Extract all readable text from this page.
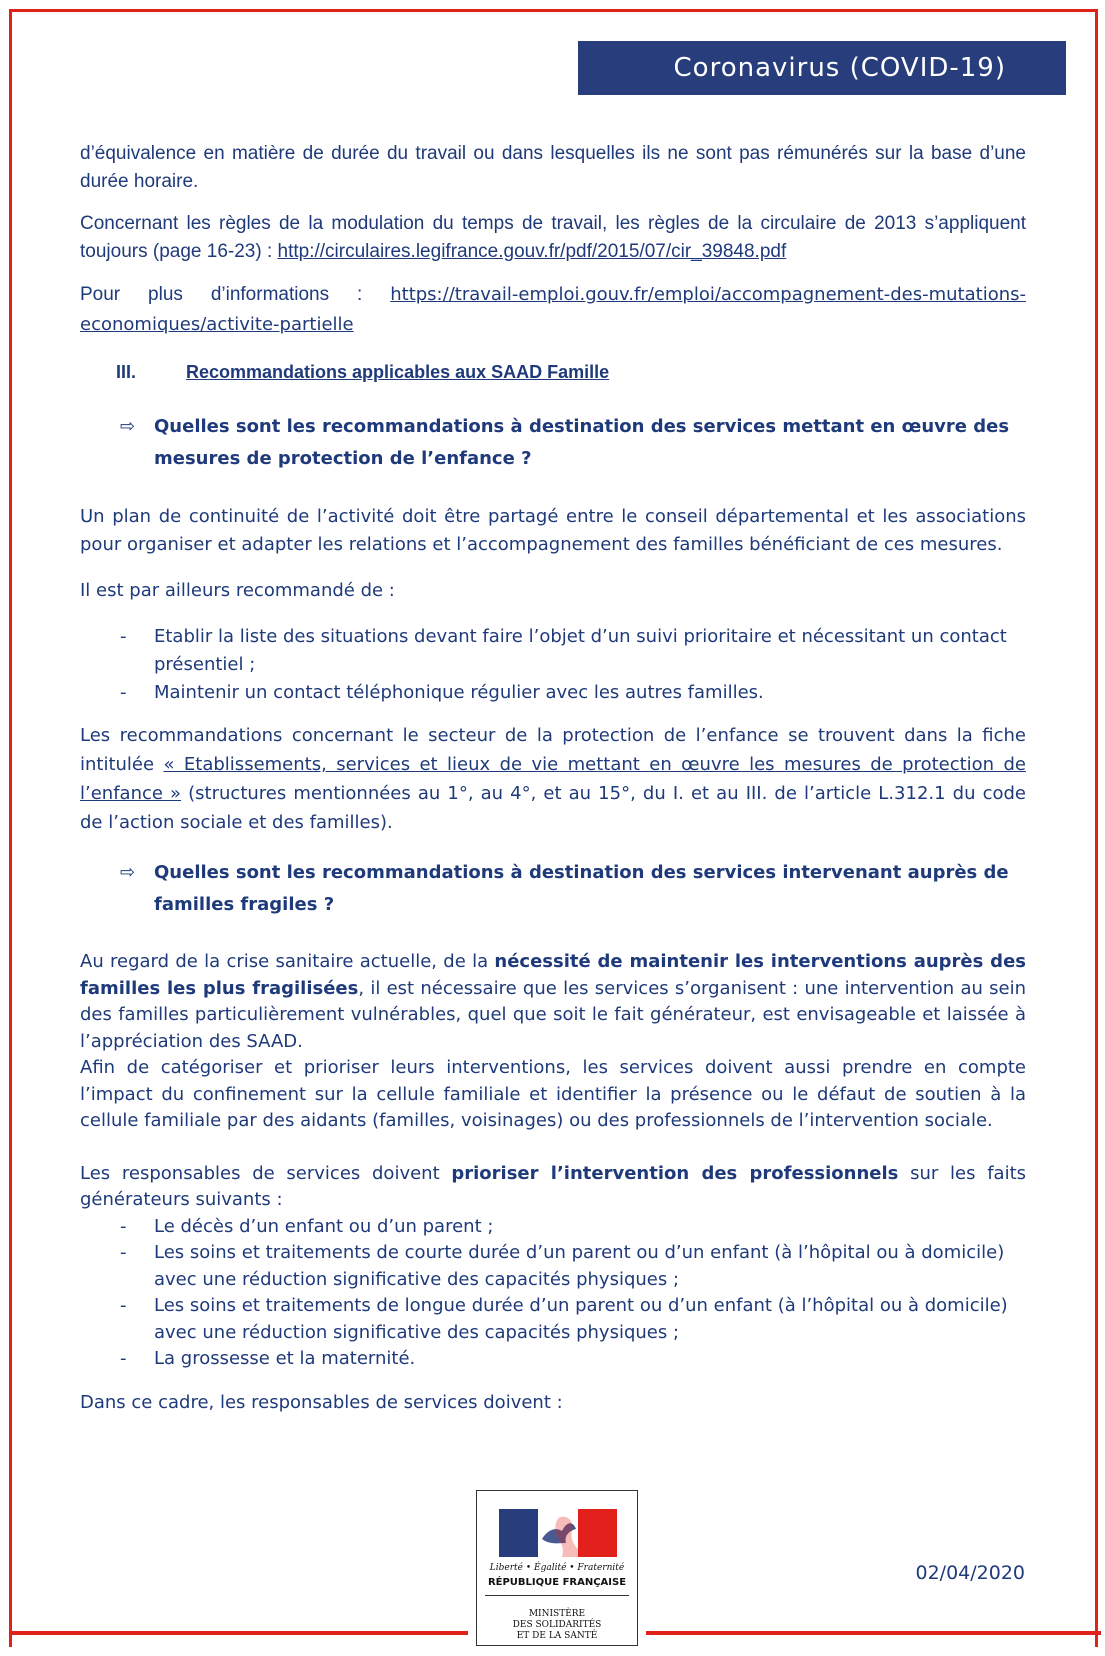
Coronavirus (COVID-19)

d’équivalence en matière de durée du travail ou dans lesquelles ils ne sont pas rémunérés sur la base d’une durée horaire.

Concernant les règles de la modulation du temps de travail, les règles de la circulaire de 2013 s’appliquent toujours (page 16-23) : http://circulaires.legifrance.gouv.fr/pdf/2015/07/cir_39848.pdf

Pour plus d’informations : https://travail-emploi.gouv.fr/emploi/accompagnement-des-mutations-economiques/activite-partielle

III.	Recommandations applicables aux SAAD Famille
⇨	Quelles sont les recommandations à destination des services mettant en œuvre des mesures de protection de l’enfance ?

Un plan de continuité de l’activité doit être partagé entre le conseil départemental et les associations pour organiser et adapter les relations et l’accompagnement des familles bénéficiant de ces mesures.

Il est par ailleurs recommandé de :

-	Etablir la liste des situations devant faire l’objet d’un suivi prioritaire et nécessitant un contact présentiel ;
-	Maintenir un contact téléphonique régulier avec les autres familles.

Les recommandations concernant le secteur de la protection de l’enfance se trouvent dans la fiche intitulée « Etablissements, services et lieux de vie mettant en œuvre les mesures de protection de l’enfance » (structures mentionnées au 1°, au 4°, et au 15°, du I. et au III. de l’article L.312.1 du code de l’action sociale et des familles).

⇨	Quelles sont les recommandations à destination des services intervenant auprès de familles fragiles ?

Au regard de la crise sanitaire actuelle, de la nécessité de maintenir les interventions auprès des familles les plus fragilisées, il est nécessaire que les services s’organisent : une intervention au sein des familles particulièrement vulnérables, quel que soit le fait générateur, est envisageable et laissée à l’appréciation des SAAD.

Afin de catégoriser et prioriser leurs interventions, les services doivent aussi prendre en compte l’impact du confinement sur la cellule familiale et identifier la présence ou le défaut de soutien à la cellule familiale par des aidants (familles, voisinages) ou des professionnels de l’intervention sociale.

Les responsables de services doivent prioriser l’intervention des professionnels sur les faits générateurs suivants :

-	Le décès d’un enfant ou d’un parent ;
-	Les soins et traitements de courte durée d’un parent ou d’un enfant (à l’hôpital ou à domicile) avec une réduction significative des capacités physiques ;
-	Les soins et traitements de longue durée d’un parent ou d’un enfant (à l’hôpital ou à domicile) avec une réduction significative des capacités physiques ;
-	La grossesse et la maternité.

Dans ce cadre, les responsables de services doivent :

Liberté • Égalité • Fraternité
RÉPUBLIQUE FRANÇAISE
MINISTÈRE
DES SOLIDARITÉS
ET DE LA SANTÉ
02/04/2020
